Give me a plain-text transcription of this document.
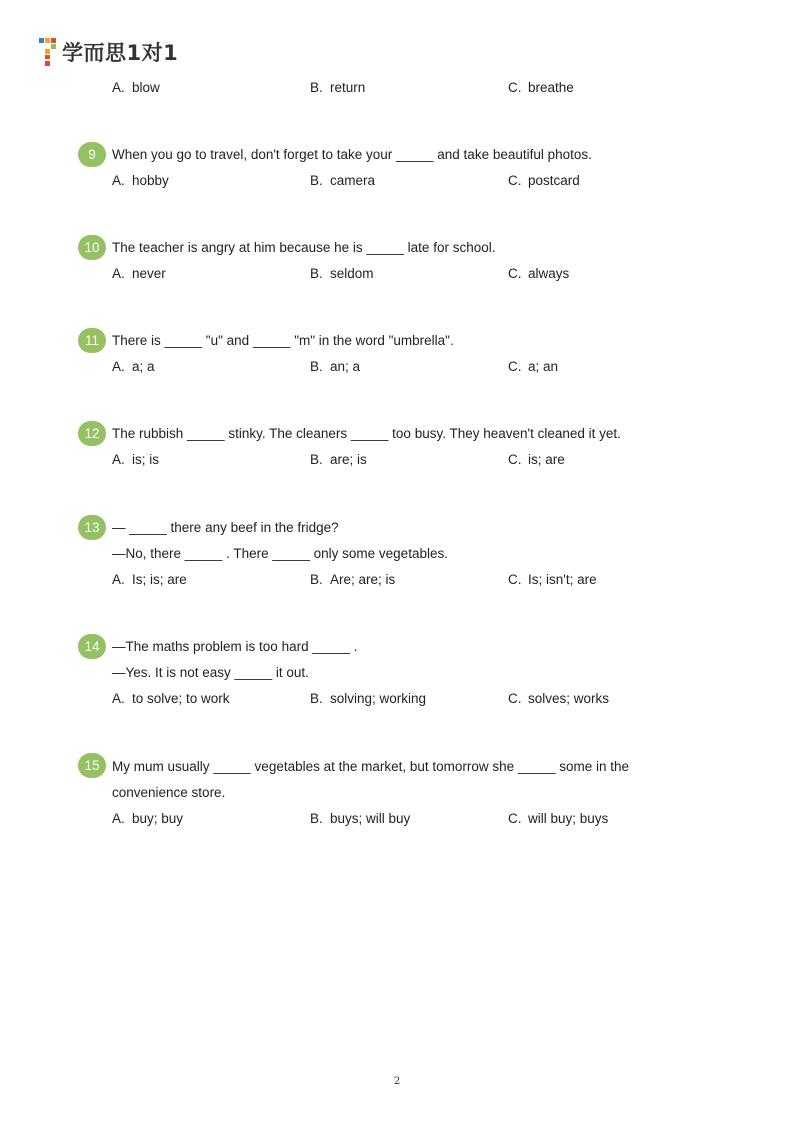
学而思1对1
A. blow	B. return	C. breathe
9	When you go to travel, don't forget to take your _____ and take beautiful photos.
A. hobby	B. camera	C. postcard
10 The teacher is angry at him because he is _____ late for school.
A. never	B. seldom	C. always
11 There is _____ "u" and _____ "m" in the word "umbrella".
A. a; a	B. an; a	C. a; an
12 The rubbish _____ stinky. The cleaners _____ too busy. They heaven't cleaned it yet.
A. is; is	B. are; is	C. is; are
13 — _____ there any beef in the fridge?
—No, there _____ . There _____ only some vegetables.
A. Is; is; are	B. Are; are; is	C. Is; isn't; are
14 —The maths problem is too hard _____ .
—Yes. It is not easy _____ it out.
A. to solve; to work	B. solving; working	C. solves; works
15 My mum usually _____ vegetables at the market, but tomorrow she _____ some in the
convenience store.
A. buy; buy	B. buys; will buy	C. will buy; buys
2
